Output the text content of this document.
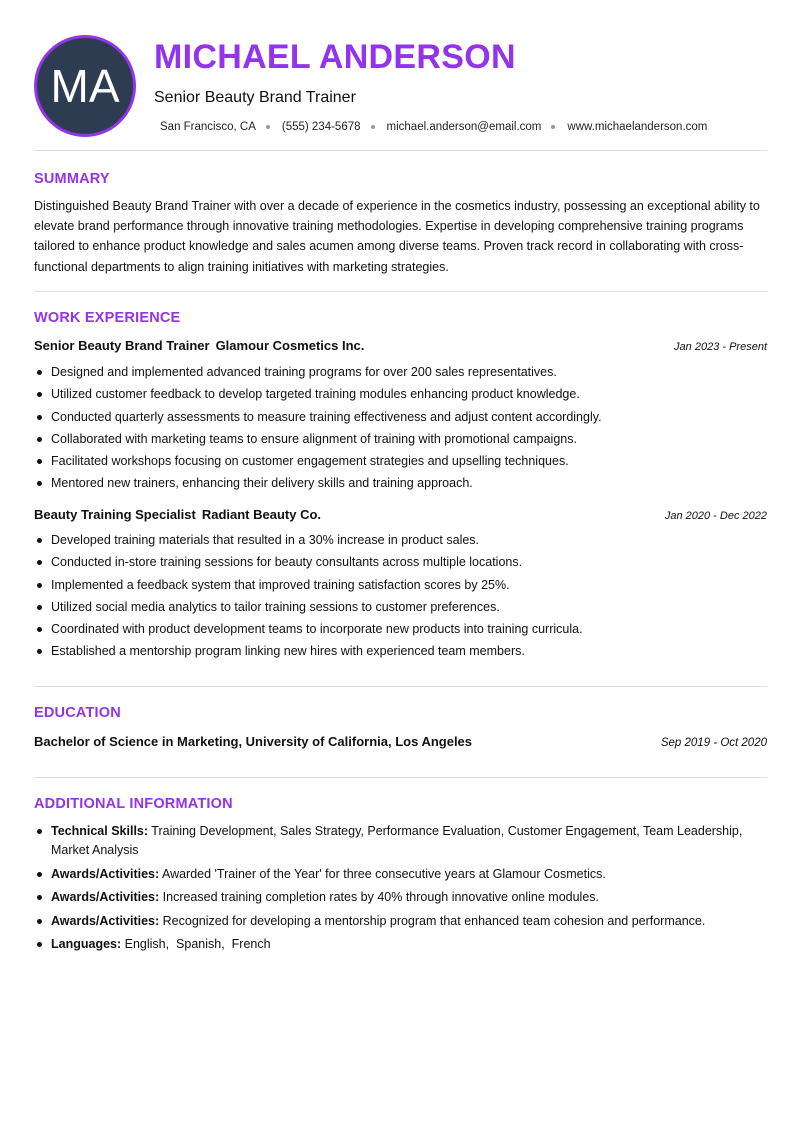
MA
MICHAEL ANDERSON
Senior Beauty Brand Trainer
San Francisco, CA (555) 234-5678 michael.anderson@email.com www.michaelanderson.com
SUMMARY
Distinguished Beauty Brand Trainer with over a decade of experience in the cosmetics industry, possessing an exceptional ability to elevate brand performance through innovative training methodologies. Expertise in developing comprehensive training programs tailored to enhance product knowledge and sales acumen among diverse teams. Proven track record in collaborating with cross-functional departments to align training initiatives with marketing strategies.
WORK EXPERIENCE
Senior Beauty Brand Trainer Glamour Cosmetics Inc.	Jan 2023 - Present
Designed and implemented advanced training programs for over 200 sales representatives.
Utilized customer feedback to develop targeted training modules enhancing product knowledge.
Conducted quarterly assessments to measure training effectiveness and adjust content accordingly.
Collaborated with marketing teams to ensure alignment of training with promotional campaigns.
Facilitated workshops focusing on customer engagement strategies and upselling techniques.
Mentored new trainers, enhancing their delivery skills and training approach.
Beauty Training Specialist Radiant Beauty Co.	Jan 2020 - Dec 2022
Developed training materials that resulted in a 30% increase in product sales.
Conducted in-store training sessions for beauty consultants across multiple locations.
Implemented a feedback system that improved training satisfaction scores by 25%.
Utilized social media analytics to tailor training sessions to customer preferences.
Coordinated with product development teams to incorporate new products into training curricula.
Established a mentorship program linking new hires with experienced team members.
EDUCATION
Bachelor of Science in Marketing, University of California, Los Angeles	Sep 2019 - Oct 2020
ADDITIONAL INFORMATION
Technical Skills: Training Development, Sales Strategy, Performance Evaluation, Customer Engagement, Team Leadership, Market Analysis
Awards/Activities: Awarded 'Trainer of the Year' for three consecutive years at Glamour Cosmetics.
Awards/Activities: Increased training completion rates by 40% through innovative online modules.
Awards/Activities: Recognized for developing a mentorship program that enhanced team cohesion and performance.
Languages: English,  Spanish,  French
